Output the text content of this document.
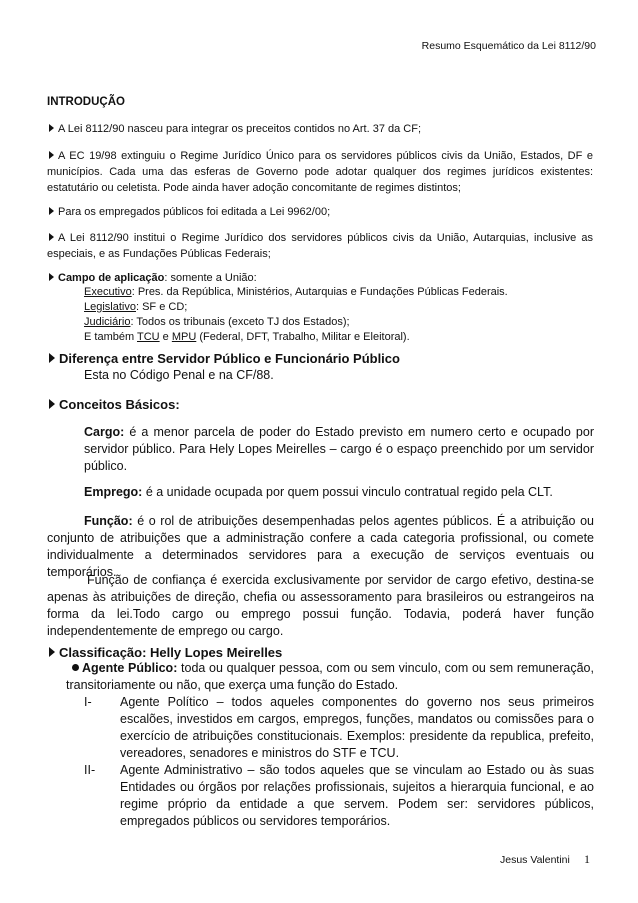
Resumo Esquemático da Lei 8112/90
INTRODUÇÃO
A Lei 8112/90 nasceu para integrar os preceitos contidos no Art. 37 da CF;
A EC 19/98 extinguiu o Regime Jurídico Único para os servidores públicos civis da União, Estados, DF e municípios. Cada uma das esferas de Governo pode adotar qualquer dos regimes jurídicos existentes: estatutário ou celetista. Pode ainda haver adoção concomitante de regimes distintos;
Para os empregados públicos foi editada a Lei 9962/00;
A Lei 8112/90 institui o Regime Jurídico dos servidores públicos civis da União, Autarquias, inclusive as especiais, e as Fundações Públicas Federais;
Campo de aplicação: somente a União:
Executivo: Pres. da República, Ministérios, Autarquias e Fundações Públicas Federais.
Legislativo: SF e CD;
Judiciário: Todos os tribunais (exceto TJ dos Estados);
E também TCU e MPU (Federal, DFT, Trabalho, Militar e Eleitoral).
Diferença entre Servidor Público e Funcionário Público
Esta no Código Penal e na CF/88.
Conceitos Básicos:
Cargo: é a menor parcela de poder do Estado previsto em numero certo e ocupado por servidor público. Para Hely Lopes Meirelles – cargo é o espaço preenchido por um servidor público.
Emprego: é a unidade ocupada por quem possui vinculo contratual regido pela CLT.
Função: é o rol de atribuições desempenhadas pelos agentes públicos. É a atribuição ou conjunto de atribuições que a administração confere a cada categoria profissional, ou comete individualmente a determinados servidores para a execução de serviços eventuais ou temporários.
Função de confiança é exercida exclusivamente por servidor de cargo efetivo, destina-se apenas às atribuições de direção, chefia ou assessoramento para brasileiros ou estrangeiros na forma da lei.Todo cargo ou emprego possui função. Todavia, poderá haver função independentemente de emprego ou cargo.
Classificação: Helly Lopes Meirelles
Agente Público: toda ou qualquer pessoa, com ou sem vinculo, com ou sem remuneração, transitoriamente ou não, que exerça uma função do Estado.
I- Agente Político – todos aqueles componentes do governo nos seus primeiros escalões, investidos em cargos, empregos, funções, mandatos ou comissões para o exercício de atribuições constitucionais. Exemplos: presidente da republica, prefeito, vereadores, senadores e ministros do STF e TCU.
II- Agente Administrativo – são todos aqueles que se vinculam ao Estado ou às suas Entidades ou órgãos por relações profissionais, sujeitos a hierarquia funcional, e ao regime próprio da entidade a que servem. Podem ser: servidores públicos, empregados públicos ou servidores temporários.
Jesus Valentini 1
